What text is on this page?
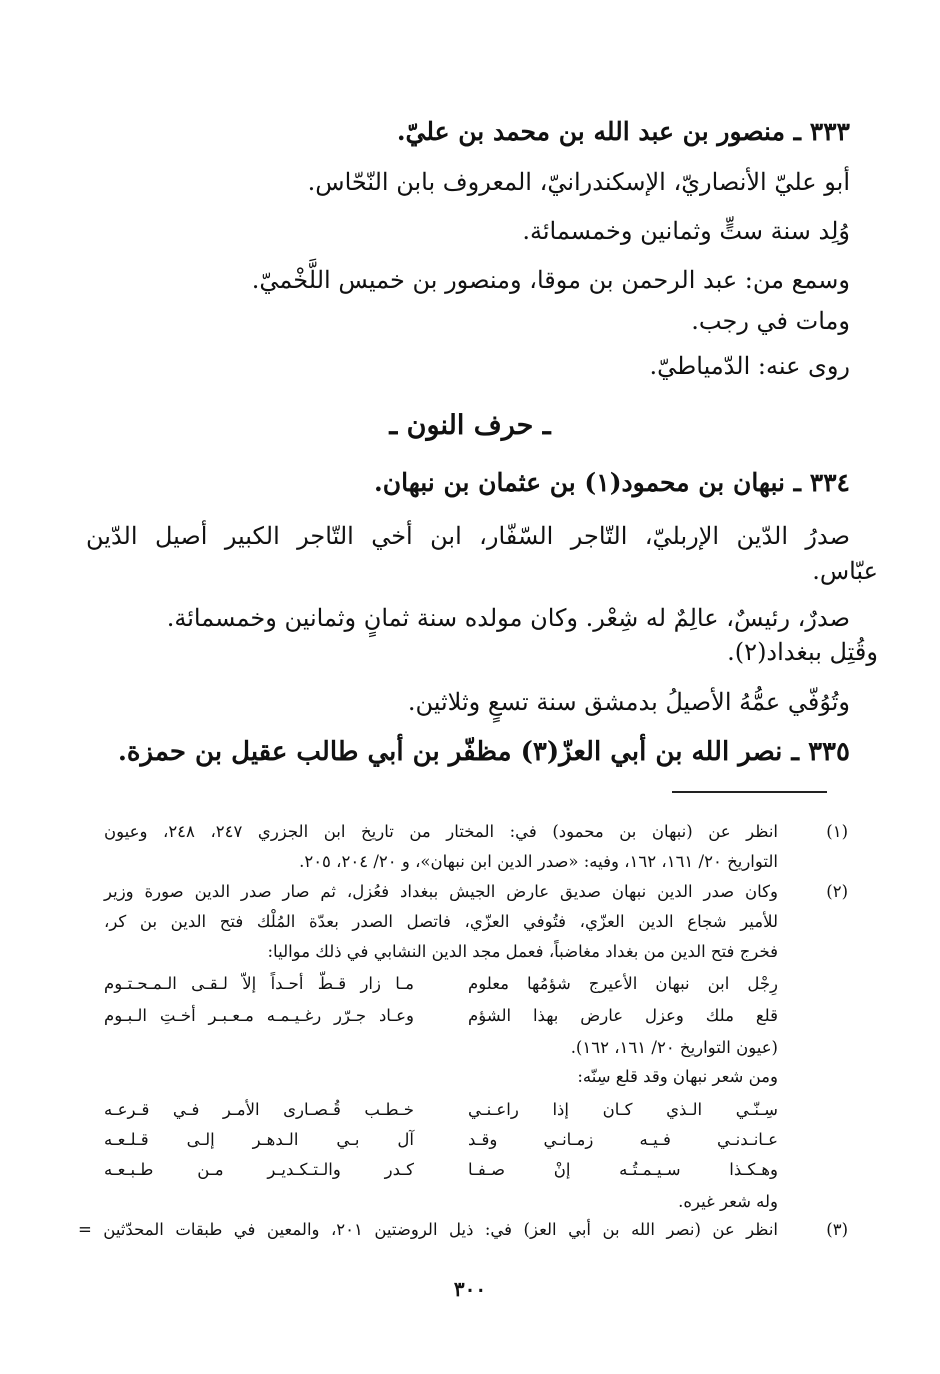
٣٣٣ ـ منصور بن عبد الله بن محمد بن عليّ.
أبو عليّ الأنصاريّ، الإسكندرانيّ، المعروف بابن النّحّاس.
وُلِد سنة ستٍّ وثمانين وخمسمائة.
وسمع من: عبد الرحمن بن موقا، ومنصور بن خميس اللَّخْميّ.
ومات في رجب.
روى عنه: الدّمياطيّ.
ـ حرف النون ـ
٣٣٤ ـ نبهان بن محمود(١) بن عثمان بن نبهان.
صدرُ الدّين الإربليّ، التّاجر السّفّار، ابن أخي التّاجر الكبير أصيل الدّين
عبّاس.
صدرٌ، رئيسٌ، عالِمٌ له شِعْر. وكان مولده سنة ثمانٍ وثمانين وخمسمائة.
وقُتِل ببغداد(٢).
وتُوُفّي عمُّهُ الأصيلُ بدمشق سنة تسعٍ وثلاثين.
٣٣٥ ـ نصر الله بن أبي العزّ(٣) مظفّر بن أبي طالب عقيل بن حمزة.
(١)
انظر عن (نبهان بن محمود) في: المختار من تاريخ ابن الجزري ٢٤٧، ٢٤٨، وعيون
التواريخ ٢٠/ ١٦١، ١٦٢، وفيه: «صدر الدين ابن نبهان»، و ٢٠/ ٢٠٤، ٢٠٥.
(٢)
وكان صدر الدين نبهان صديق عارض الجيش ببغداد فعُزل، ثم صار صدر الدين صورة وزير
للأمير شجاع الدين العزّي، فتُوفي العزّي، فاتصل الصدر بعدّة المُلْك فتح الدين بن كر،
فخرج فتح الدين من بغداد مغاضباً، فعمل مجد الدين النشابي في ذلك مواليا:
رِجْل ابن نبهان الأعيرج شؤمُها معلوم
مـا زار قـطّ أحـداً إلاّ لـقـى الـمـحـتـوم
قلع ملك وعزل عارض بهذا الشؤم
وعـاد جـرّر رغـيـمـه مـعـبـر أخـتِ الـبـوم
(عيون التواريخ ٢٠/ ١٦١، ١٦٢).
ومن شعر نبهان وقد قلع سِنّه:
سِـنّـي الـذي كـان إذا راعـنـي
خـطـب قُـصـارى الأمـر فـي قـرعـه
عـانـدنـي فـيـه زمـانـي وقـد
آل بـي الـدهـر إلـى قـلـعـه
وهـكـذا سـيـمـتُـه إنْ صـفـا
كـدر والـتـكـديـر مـن طـبـعـه
وله شعر غيره.
(٣)
انظر عن (نصر الله بن أبي العز) في: ذيل الروضتين ٢٠١، والمعين في طبقات المحدّثين =
٣٠٠
